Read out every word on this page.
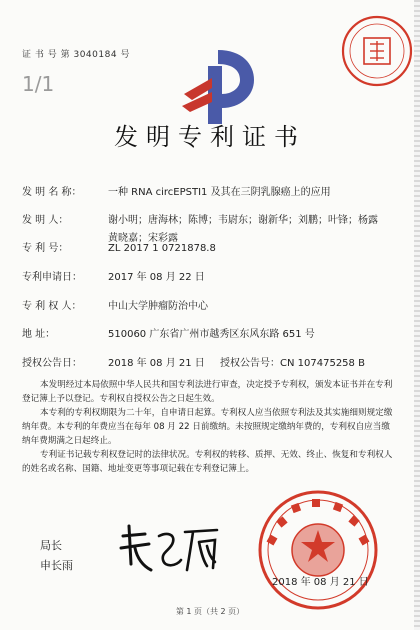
证 书 号 第 3040184 号
1/1
发明专利证书
发 明 名 称：	一种 RNA circEPSTI1 及其在三阴乳腺癌上的应用
发 明 人：	谢小明；唐海林；陈博；韦尉东；谢新华；刘鹏；叶锋；杨露
黄晓嘉；宋彩露
专 利 号：	ZL 2017 1 0721878.8
专利申请日：	2017 年 08 月 22 日
专 利 权 人：	中山大学肿瘤防治中心
地 址：	510060 广东省广州市越秀区东风东路 651 号
授权公告日：	2018 年 08 月 21 日 授权公告号：CN 107475258 B

本发明经过本局依照中华人民共和国专利法进行审查，决定授予专利权，颁发本证书并在专利登记簿上予以登记。专利权自授权公告之日起生效。

本专利的专利权期限为二十年，自申请日起算。专利权人应当依照专利法及其实施细则规定缴纳年费。本专利的年费应当在每年 08 月 22 日前缴纳。未按照规定缴纳年费的，专利权自应当缴纳年费期满之日起终止。

专利证书记载专利权登记时的法律状况。专利权的转移、质押、无效、终止、恢复和专利权人的姓名或名称、国籍、地址变更等事项记载在专利登记簿上。

局长
申长雨
2018 年 08 月 21 日
第 1 页（共 2 页）
